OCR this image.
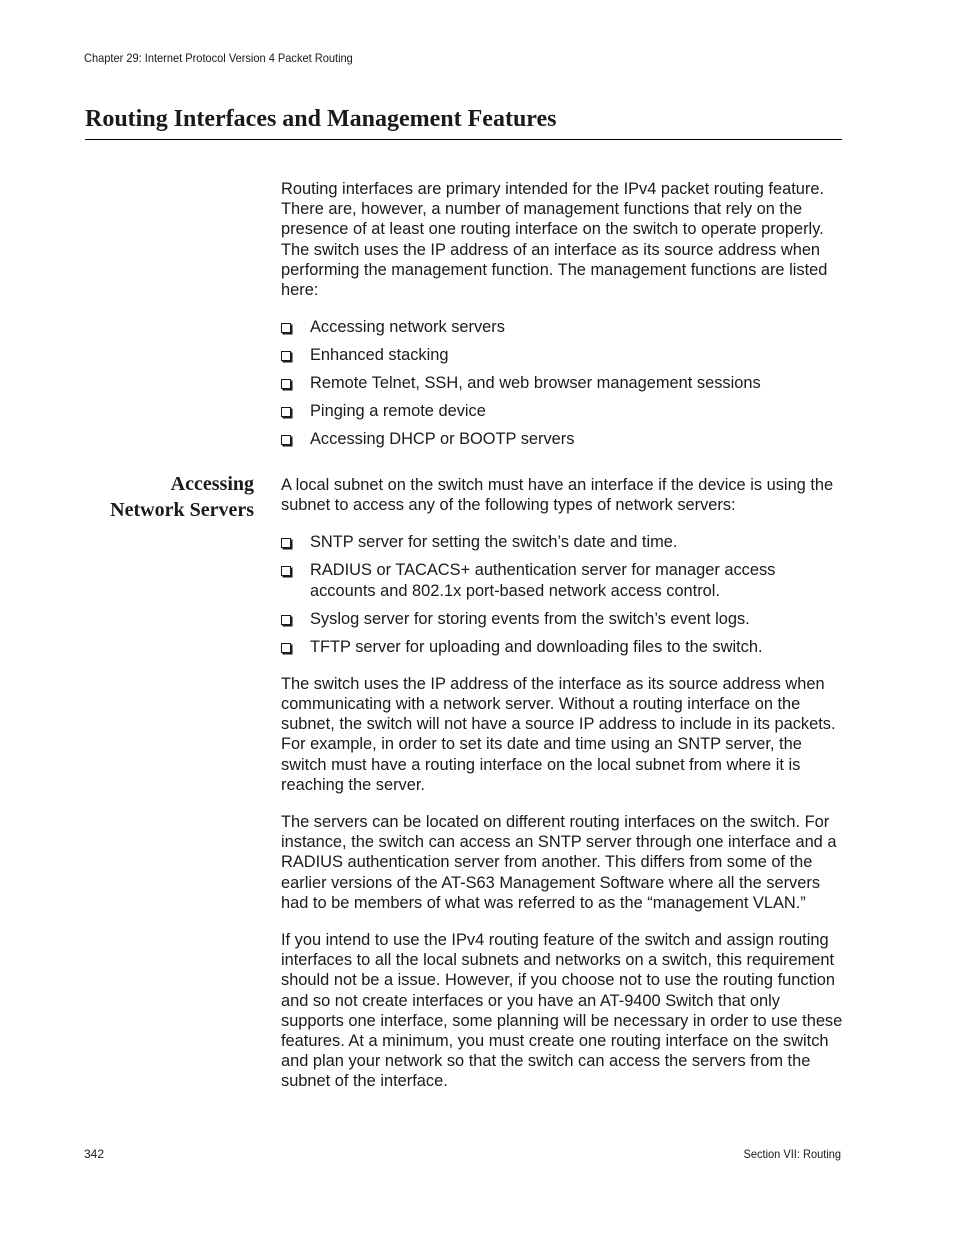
Chapter 29: Internet Protocol Version 4 Packet Routing
Routing Interfaces and Management Features

Routing interfaces are primary intended for the IPv4 packet routing feature. There are, however, a number of management functions that rely on the presence of at least one routing interface on the switch to operate properly. The switch uses the IP address of an interface as its source address when performing the management function. The management functions are listed here:

Accessing network servers
Enhanced stacking
Remote Telnet, SSH, and web browser management sessions
Pinging a remote device
Accessing DHCP or BOOTP servers
Accessing
Network Servers

A local subnet on the switch must have an interface if the device is using the subnet to access any of the following types of network servers:

SNTP server for setting the switch’s date and time.
RADIUS or TACACS+ authentication server for manager access accounts and 802.1x port-based network access control.
Syslog server for storing events from the switch’s event logs.
TFTP server for uploading and downloading files to the switch.

The switch uses the IP address of the interface as its source address when communicating with a network server. Without a routing interface on the subnet, the switch will not have a source IP address to include in its packets. For example, in order to set its date and time using an SNTP server, the switch must have a routing interface on the local subnet from where it is reaching the server.

The servers can be located on different routing interfaces on the switch. For instance, the switch can access an SNTP server through one interface and a RADIUS authentication server from another. This differs from some of the earlier versions of the AT-S63 Management Software where all the servers had to be members of what was referred to as the “management VLAN.”

If you intend to use the IPv4 routing feature of the switch and assign routing interfaces to all the local subnets and networks on a switch, this requirement should not be a issue. However, if you choose not to use the routing function and so not create interfaces or you have an AT-9400 Switch that only supports one interface, some planning will be necessary in order to use these features. At a minimum, you must create one routing interface on the switch and plan your network so that the switch can access the servers from the subnet of the interface.

342	Section VII: Routing
